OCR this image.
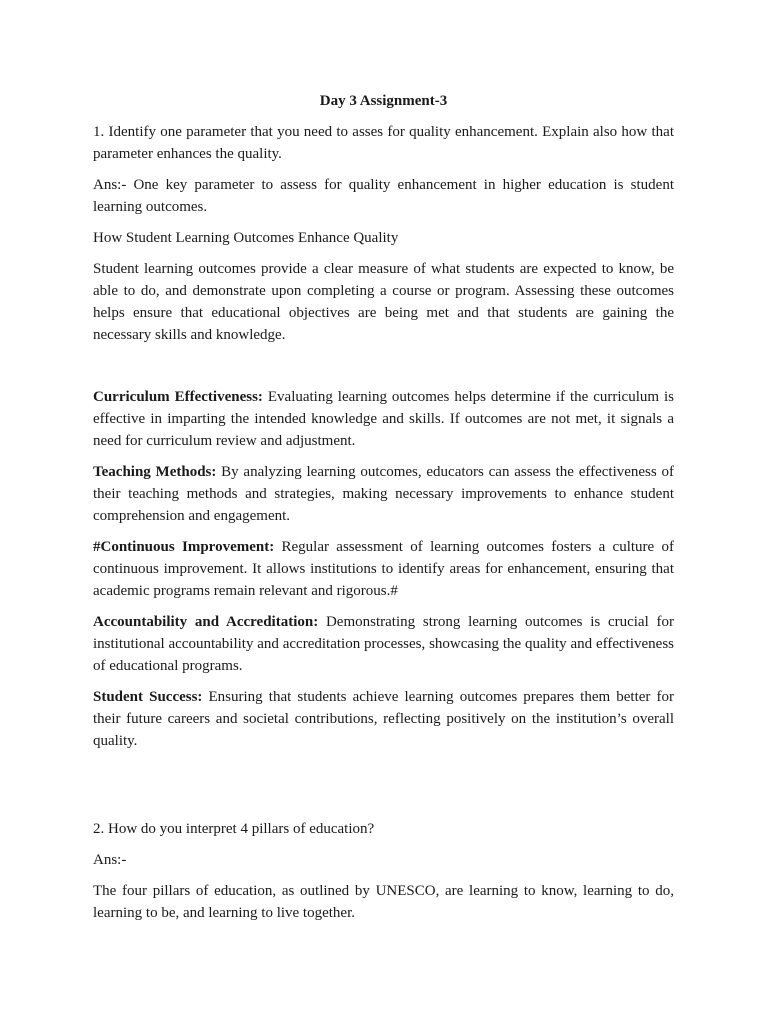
Day 3 Assignment-3

1. Identify one parameter that you need to asses for quality enhancement. Explain also how that parameter enhances the quality.

Ans:- One key parameter to assess for quality enhancement in higher education is student learning outcomes.

How Student Learning Outcomes Enhance Quality

Student learning outcomes provide a clear measure of what students are expected to know, be able to do, and demonstrate upon completing a course or program. Assessing these outcomes helps ensure that educational objectives are being met and that students are gaining the necessary skills and knowledge.

Curriculum Effectiveness: Evaluating learning outcomes helps determine if the curriculum is effective in imparting the intended knowledge and skills. If outcomes are not met, it signals a need for curriculum review and adjustment.

Teaching Methods: By analyzing learning outcomes, educators can assess the effectiveness of their teaching methods and strategies, making necessary improvements to enhance student comprehension and engagement.

#Continuous Improvement: Regular assessment of learning outcomes fosters a culture of continuous improvement. It allows institutions to identify areas for enhancement, ensuring that academic programs remain relevant and rigorous.#

Accountability and Accreditation: Demonstrating strong learning outcomes is crucial for institutional accountability and accreditation processes, showcasing the quality and effectiveness of educational programs.

Student Success: Ensuring that students achieve learning outcomes prepares them better for their future careers and societal contributions, reflecting positively on the institution’s overall quality.

2. How do you interpret 4 pillars of education?

Ans:-

The four pillars of education, as outlined by UNESCO, are learning to know, learning to do, learning to be, and learning to live together.
